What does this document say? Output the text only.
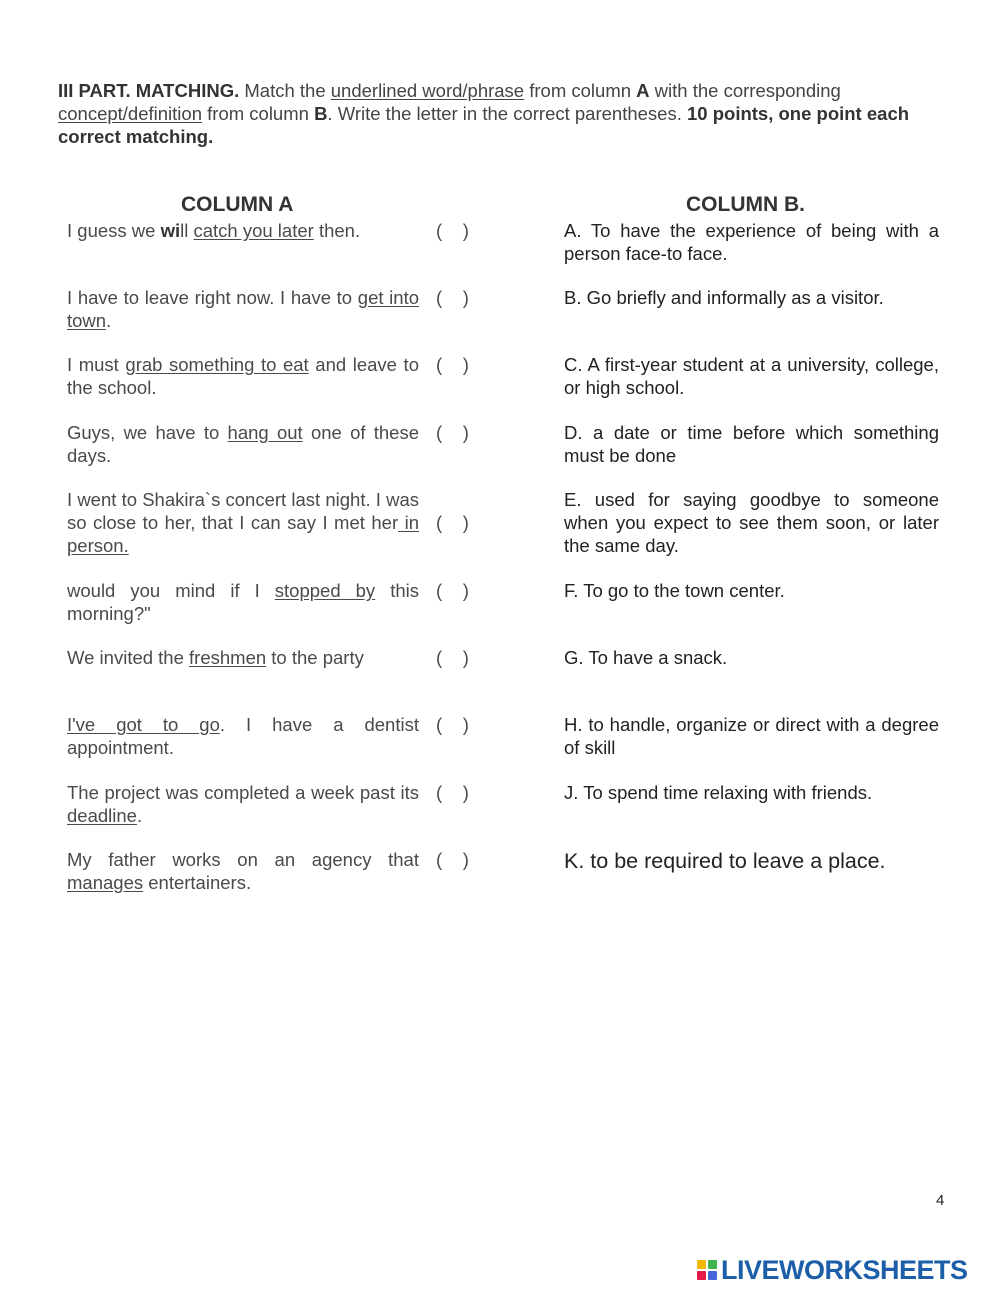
III PART. MATCHING. Match the underlined word/phrase from column A with the corresponding concept/definition from column B. Write the letter in the correct parentheses. 10 points, one point each correct matching.
COLUMN A	COLUMN B.
I guess we will catch you later then.
I have to leave right now. I have to get into town.
I must grab something to eat and leave to the school.
Guys, we have to hang out one of these days.
I went to Shakira`s concert last night. I was so close to her, that I can say I met her in person.
would you mind if I stopped by this morning?"
We invited the freshmen to the party
I've got to go. I have a dentist appointment.
The project was completed a week past its deadline.
My father works on an agency that manages entertainers.
(    )
(    )
(    )
(    )
(    )
(    )
(    )
(    )
(    )
(    )
A. To have the experience of being with a person face-to face.
B. Go briefly and informally as a visitor.
C. A first-year student at a university, college, or high school.
D. a date or time before which something must be done
E. used for saying goodbye to someone when you expect to see them soon, or later the same day.
F. To go to the town center.
G. To have a snack.
H. to handle, organize or direct with a degree of skill
J. To spend time relaxing with friends.
K. to be required to leave a place.
4
LIVEWORKSHEETS
